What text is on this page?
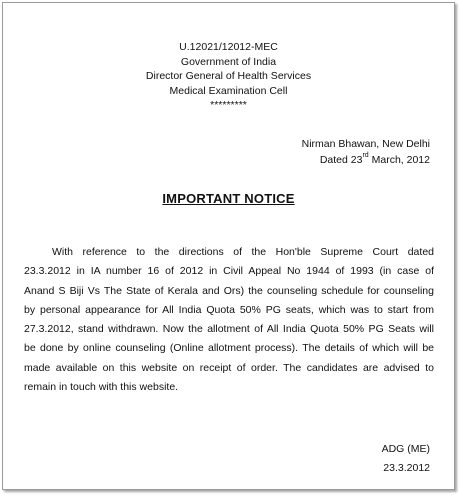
U.12021/12012-MEC
Government of India
Director General of Health Services
Medical Examination Cell
*********
Nirman Bhawan, New Delhi
Dated 23rd March, 2012
IMPORTANT NOTICE
With reference to the directions of the Hon'ble Supreme Court dated
23.3.2012 in IA number 16 of 2012 in Civil Appeal No 1944 of 1993 (in case of
Anand S Biji Vs The State of Kerala and Ors) the counseling schedule for counseling
by personal appearance for All India Quota 50% PG seats, which was to start from
27.3.2012, stand withdrawn. Now the allotment of All India Quota 50% PG Seats will
be done by online counseling (Online allotment process). The details of which will be
made available on this website on receipt of order. The candidates are advised to
remain in touch with this website.
ADG (ME)
23.3.2012
